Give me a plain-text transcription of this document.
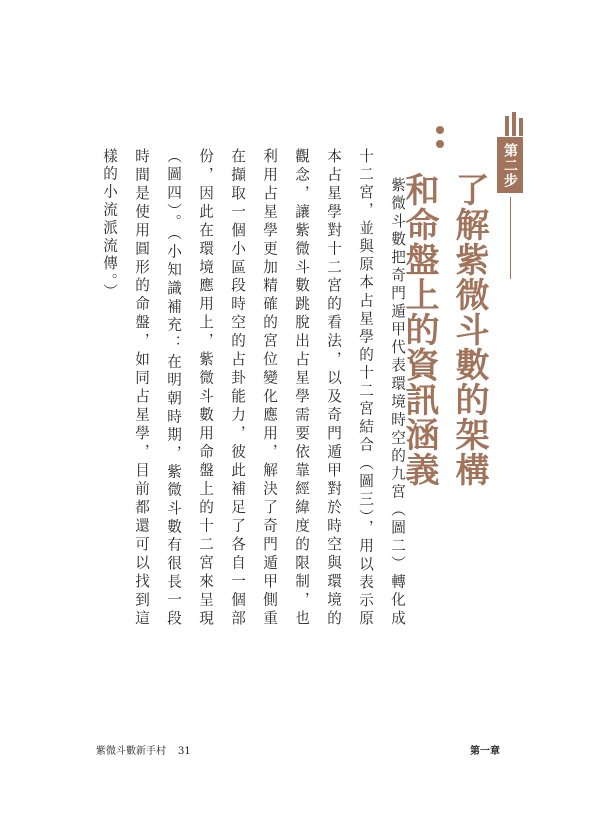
第二步
了解紫微斗數的架構
和命盤上的資訊涵義

紫微斗數把奇門遁甲代表環境時空的九宮（圖二）轉化成十二宮，並與原本占星學的十二宮結合（圖三），用以表示原本占星學對十二宮的看法，以及奇門遁甲對於時空與環境的觀念，讓紫微斗數跳脫出占星學需要依靠經緯度的限制，也利用占星學更加精確的宮位變化應用，解決了奇門遁甲側重在擷取一個小區段時空的占卦能力，彼此補足了各自一個部份，因此在環境應用上，紫微斗數用命盤上的十二宮來呈現（圖四）。（小知識補充：在明朝時期，紫微斗數有很長一段時間是使用圓形的命盤，如同占星學，目前都還可以找到這樣的小流派流傳。）

紫微斗數新手村 31	第一章
